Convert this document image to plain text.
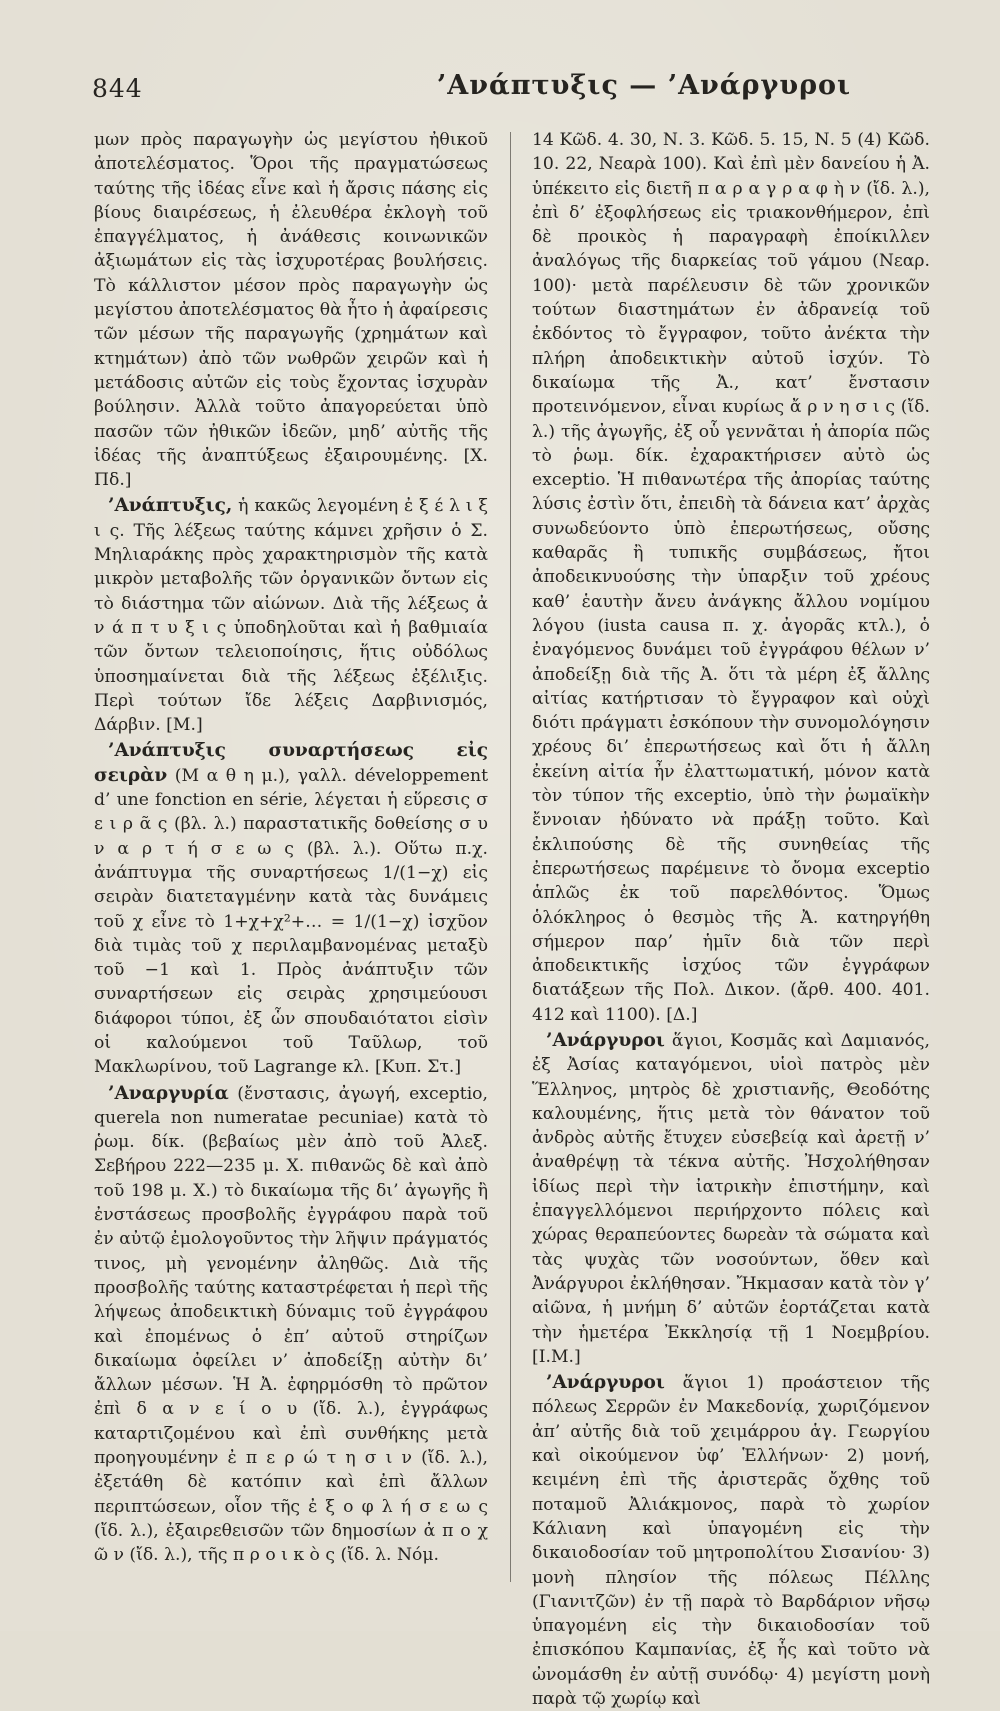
844	’Ανάπτυξις — ’Ανάργυροι

μων πρὸς παραγωγὴν ὡς μεγίστου ἠθικοῦ ἀποτελέσματος. Ὅροι τῆς πραγματώσεως ταύτης τῆς ἰδέας εἶνε καὶ ἡ ἄρσις πάσης εἰς βίους διαιρέσεως, ἡ ἐλευθέρα ἐκλογὴ τοῦ ἐπαγγέλματος, ἡ ἀνάθεσις κοινωνικῶν ἀξιωμάτων εἰς τὰς ἰσχυροτέρας βουλήσεις. Τὸ κάλλιστον μέσον πρὸς παραγωγὴν ὡς μεγίστου ἀποτελέσματος θὰ ἦτο ἡ ἀφαίρεσις τῶν μέσων τῆς παραγωγῆς (χρημάτων καὶ κτημάτων) ἀπὸ τῶν νωθρῶν χειρῶν καὶ ἡ μετάδοσις αὐτῶν εἰς τοὺς ἔχοντας ἰσχυρὰν βούλησιν. Ἀλλὰ τοῦτο ἀπαγορεύεται ὑπὸ πασῶν τῶν ἠθικῶν ἰδεῶν, μηδ’ αὐτῆς τῆς ἰδέας τῆς ἀναπτύξεως ἐξαιρουμένης. [Χ. Πδ.]

’Ανάπτυξις, ἡ κακῶς λεγομένη ἐ ξ έ λ ι ξ ι ς. Τῆς λέξεως ταύτης κάμνει χρῆσιν ὁ Σ. Μηλιαράκης πρὸς χαρακτηρισμὸν τῆς κατὰ μικρὸν μεταβολῆς τῶν ὀργανικῶν ὄντων εἰς τὸ διάστημα τῶν αἰώνων. Διὰ τῆς λέξεως ἀ ν ά π τ υ ξ ι ς ὑποδηλοῦται καὶ ἡ βαθμιαία τῶν ὄντων τελειοποίησις, ἥτις οὐδόλως ὑποσημαίνεται διὰ τῆς λέξεως ἐξέλιξις. Περὶ τούτων ἴδε λέξεις Δαρβινισμός, Δάρβιν. [Μ.]

’Ανάπτυξις συναρτήσεως εἰς σειρὰν (Μ α θ η μ.), γαλλ. développement d’ une fonction en série, λέγεται ἡ εὕρεσις σ ε ι ρ ᾶ ς (βλ. λ.) παραστατικῆς δοθείσης σ υ ν α ρ τ ή σ ε ω ς (βλ. λ.). Οὕτω π.χ. ἀνάπτυγμα τῆς συναρτήσεως 1/(1−χ) εἰς σειρὰν διατεταγμένην κατὰ τὰς δυνάμεις τοῦ χ εἶνε τὸ 1+χ+χ²+… = 1/(1−χ) ἰσχῦον διὰ τιμὰς τοῦ χ περιλαμβανομένας μεταξὺ τοῦ −1 καὶ 1. Πρὸς ἀνάπτυξιν τῶν συναρτήσεων εἰς σειρὰς χρησιμεύουσι διάφοροι τύποι, ἐξ ὧν σπουδαιότατοι εἰσὶν οἱ καλούμενοι τοῦ Ταῦλωρ, τοῦ Μακλωρίνου, τοῦ Lagrange κλ. [Κυπ. Στ.]

’Αναργυρία (ἔνστασις, ἀγωγή, exceptio, querela non numeratae pecuniae) κατὰ τὸ ῥωμ. δίκ. (βεβαίως μὲν ἀπὸ τοῦ Ἀλεξ. Σεβήρου 222—235 μ. Χ. πιθανῶς δὲ καὶ ἀπὸ τοῦ 198 μ. Χ.) τὸ δικαίωμα τῆς δι’ ἀγωγῆς ἢ ἐνστάσεως προσβολῆς ἐγγράφου παρὰ τοῦ ἐν αὐτῷ ἐμολογοῦντος τὴν λῆψιν πράγματός τινος, μὴ γενομένην ἀληθῶς. Διὰ τῆς προσβολῆς ταύτης καταστρέφεται ἡ περὶ τῆς λήψεως ἀποδεικτικὴ δύναμις τοῦ ἐγγράφου καὶ ἐπομένως ὁ ἐπ’ αὐτοῦ στηρίζων δικαίωμα ὀφείλει ν’ ἀποδείξῃ αὐτὴν δι’ ἄλλων μέσων. Ἡ Ἀ. ἐφηρμόσθη τὸ πρῶτον ἐπὶ δ α ν ε ί ο υ (ἴδ. λ.), ἐγγράφως καταρτιζομένου καὶ ἐπὶ συνθήκης μετὰ προηγουμένην ἐ π ε ρ ώ τ η σ ι ν (ἴδ. λ.), ἐξετάθη δὲ κατόπιν καὶ ἐπὶ ἄλλων περιπτώσεων, οἷον τῆς ἐ ξ ο φ λ ή σ ε ω ς (ἴδ. λ.), ἐξαιρεθεισῶν τῶν δημοσίων ἀ π ο χ ῶ ν (ἴδ. λ.), τῆς π ρ ο ι κ ὸ ς (ἴδ. λ. Νόμ.

14 Κῶδ. 4. 30, Ν. 3. Κῶδ. 5. 15, Ν. 5 (4) Κῶδ. 10. 22, Νεαρὰ 100). Καὶ ἐπὶ μὲν δανείου ἡ Ἀ. ὑπέκειτο εἰς διετῆ π α ρ α γ ρ α φ ὴ ν (ἴδ. λ.), ἐπὶ δ’ ἐξοφλήσεως εἰς τριακονθήμερον, ἐπὶ δὲ προικὸς ἡ παραγραφὴ ἐποίκιλλεν ἀναλόγως τῆς διαρκείας τοῦ γάμου (Νεαρ. 100)· μετὰ παρέλευσιν δὲ τῶν χρονικῶν τούτων διαστημάτων ἐν ἀδρανείᾳ τοῦ ἐκδόντος τὸ ἔγγραφον, τοῦτο ἀνέκτα τὴν πλήρη ἀποδεικτικὴν αὐτοῦ ἰσχύν. Τὸ δικαίωμα τῆς Ἀ., κατ’ ἔνστασιν προτεινόμενον, εἶναι κυρίως ἄ ρ ν η σ ι ς (ἴδ. λ.) τῆς ἀγωγῆς, ἐξ οὗ γεννᾶται ἡ ἀπορία πῶς τὸ ῥωμ. δίκ. ἐχαρακτήρισεν αὐτὸ ὡς exceptio. Ἡ πιθανωτέρα τῆς ἀπορίας ταύτης λύσις ἐστὶν ὅτι, ἐπειδὴ τὰ δάνεια κατ’ ἀρχὰς συνωδεύοντο ὑπὸ ἐπερωτήσεως, οὔσης καθαρᾶς ἢ τυπικῆς συμβάσεως, ἤτοι ἀποδεικνυούσης τὴν ὑπαρξιν τοῦ χρέους καθ’ ἑαυτὴν ἄνευ ἀνάγκης ἄλλου νομίμου λόγου (iusta causa π. χ. ἀγορᾶς κτλ.), ὁ ἐναγόμενος δυνάμει τοῦ ἐγγράφου θέλων ν’ ἀποδείξῃ διὰ τῆς Ἀ. ὅτι τὰ μέρη ἐξ ἄλλης αἰτίας κατήρτισαν τὸ ἔγγραφον καὶ οὐχὶ διότι πράγματι ἐσκόπουν τὴν συνομολόγησιν χρέους δι’ ἐπερωτήσεως καὶ ὅτι ἡ ἄλλη ἐκείνη αἰτία ἦν ἐλαττωματική, μόνον κατὰ τὸν τύπον τῆς exceptio, ὑπὸ τὴν ῥωμαϊκὴν ἔννοιαν ἠδύνατο νὰ πράξῃ τοῦτο. Καὶ ἐκλιπούσης δὲ τῆς συνηθείας τῆς ἐπερωτήσεως παρέμεινε τὸ ὄνομα exceptio ἁπλῶς ἐκ τοῦ παρελθόντος. Ὅμως ὁλόκληρος ὁ θεσμὸς τῆς Ἀ. κατηργήθη σήμερον παρ’ ἡμῖν διὰ τῶν περὶ ἀποδεικτικῆς ἰσχύος τῶν ἐγγράφων διατάξεων τῆς Πολ. Δικον. (ἄρθ. 400. 401. 412 καὶ 1100). [Δ.]

’Ανάργυροι ἅγιοι, Κοσμᾶς καὶ Δαμιανός, ἐξ Ἀσίας καταγόμενοι, υἱοὶ πατρὸς μὲν Ἕλληνος, μητρὸς δὲ χριστιανῆς, Θεοδότης καλουμένης, ἥτις μετὰ τὸν θάνατον τοῦ ἀνδρὸς αὐτῆς ἔτυχεν εὐσεβείᾳ καὶ ἀρετῇ ν’ ἀναθρέψῃ τὰ τέκνα αὐτῆς. Ἠσχολήθησαν ἰδίως περὶ τὴν ἰατρικὴν ἐπιστήμην, καὶ ἐπαγγελλόμενοι περιήρχοντο πόλεις καὶ χώρας θεραπεύοντες δωρεὰν τὰ σώματα καὶ τὰς ψυχὰς τῶν νοσούντων, ὅθεν καὶ Ἀνάργυροι ἐκλήθησαν. Ἤκμασαν κατὰ τὸν γ’ αἰῶνα, ἡ μνήμη δ’ αὐτῶν ἑορτάζεται κατὰ τὴν ἡμετέρα Ἐκκλησίᾳ τῇ 1 Νοεμβρίου. [Ι.Μ.]

’Ανάργυροι ἅγιοι 1) προάστειον τῆς πόλεως Σερρῶν ἐν Μακεδονίᾳ, χωριζόμενον ἀπ’ αὐτῆς διὰ τοῦ χειμάρρου ἁγ. Γεωργίου καὶ οἰκούμενον ὑφ’ Ἑλλήνων· 2) μονή, κειμένη ἐπὶ τῆς ἀριστερᾶς ὄχθης τοῦ ποταμοῦ Ἀλιάκμονος, παρὰ τὸ χωρίον Κάλιανη καὶ ὑπαγομένη εἰς τὴν δικαιοδοσίαν τοῦ μητροπολίτου Σισανίου· 3) μονὴ πλησίον τῆς πόλεως Πέλλης (Γιανιτζῶν) ἐν τῇ παρὰ τὸ Βαρδάριον νῆσῳ ὑπαγομένη εἰς τὴν δικαιοδοσίαν τοῦ ἐπισκόπου Καμπανίας, ἐξ ἧς καὶ τοῦτο νὰ ὠνομάσθη ἐν αὐτῇ συνόδῳ· 4) μεγίστη μονὴ παρὰ τῷ χωρίῳ καὶ
